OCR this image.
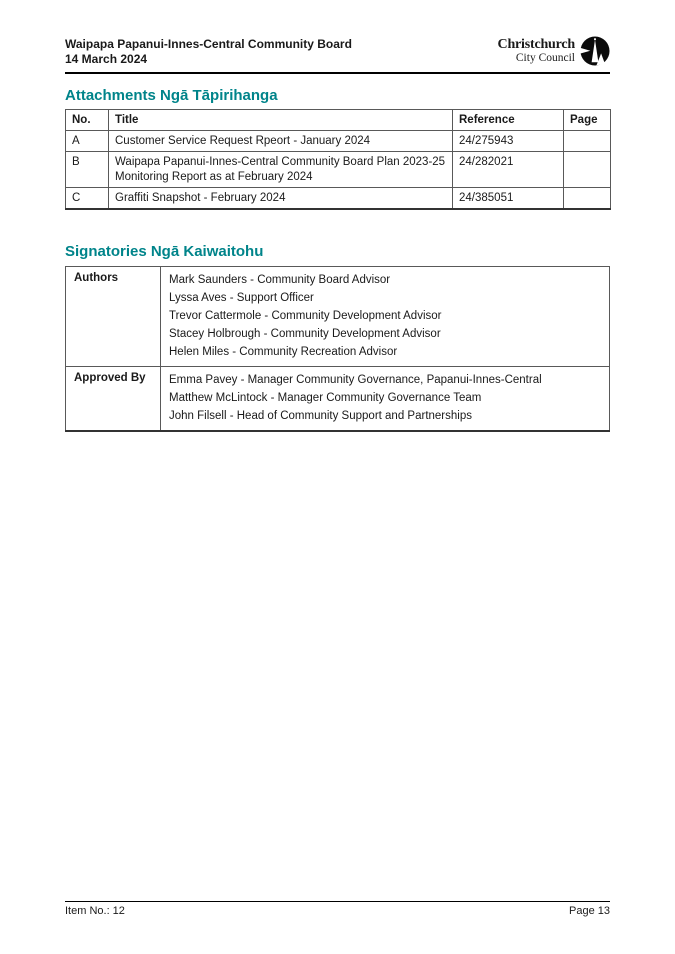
Waipapa Papanui-Innes-Central Community Board
14 March 2024
Christchurch
City Council
Attachments Ngā Tāpirihanga
No.	Title	Reference	Page
A	Customer Service Request Rpeort - January 2024	24/275943	
B	Waipapa Papanui-Innes-Central Community Board Plan 2023-25 Monitoring Report as at February 2024	24/282021	
C	Graffiti Snapshot - February 2024	24/385051	
Signatories Ngā Kaiwaitohu
Authors	Mark Saunders - Community Board Advisor
Lyssa Aves - Support Officer
Trevor Cattermole - Community Development Advisor
Stacey Holbrough - Community Development Advisor
Helen Miles - Community Recreation Advisor

Approved By	Emma Pavey - Manager Community Governance, Papanui-Innes-Central
Matthew McLintock - Manager Community Governance Team
John Filsell - Head of Community Support and Partnerships
Item No.: 12	Page 13
